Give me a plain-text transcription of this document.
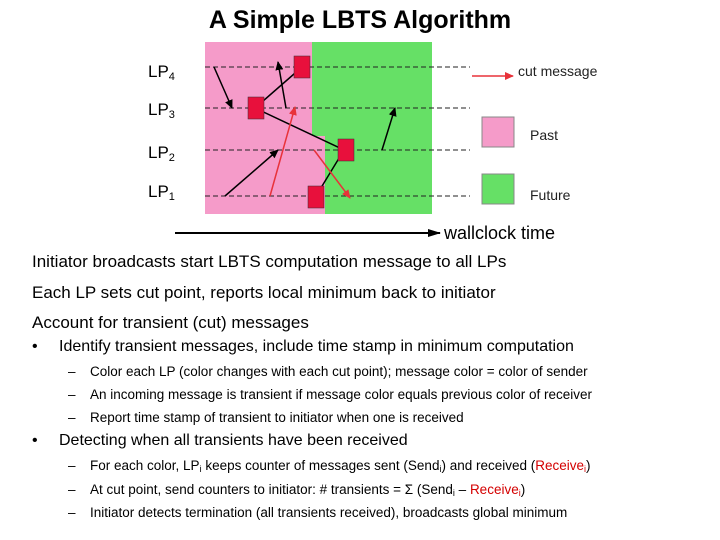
A Simple LBTS Algorithm
$LP_4$
$LP_3$
$LP_2$
$LP_1$
cut message
Past
Future
wallclock time
Initiator broadcasts start LBTS computation message to all LPs
Each LP sets cut point, reports local minimum back to initiator
Account for transient (cut) messages
• Identify transient messages, include time stamp in minimum computation
– Color each LP (color changes with each cut point); message color = color of sender
– An incoming message is transient if message color equals previous color of receiver
– Report time stamp of transient to initiator when one is received
• Detecting when all transients have been received
– For each color, $LP_i$ keeps counter of messages sent (Send$_i$) and received (Receive$_i$)
– At cut point, send counters to initiator: # transients = Σ (Send$_i$ – Receive$_i$)
– Initiator detects termination (all transients received), broadcasts global minimum
